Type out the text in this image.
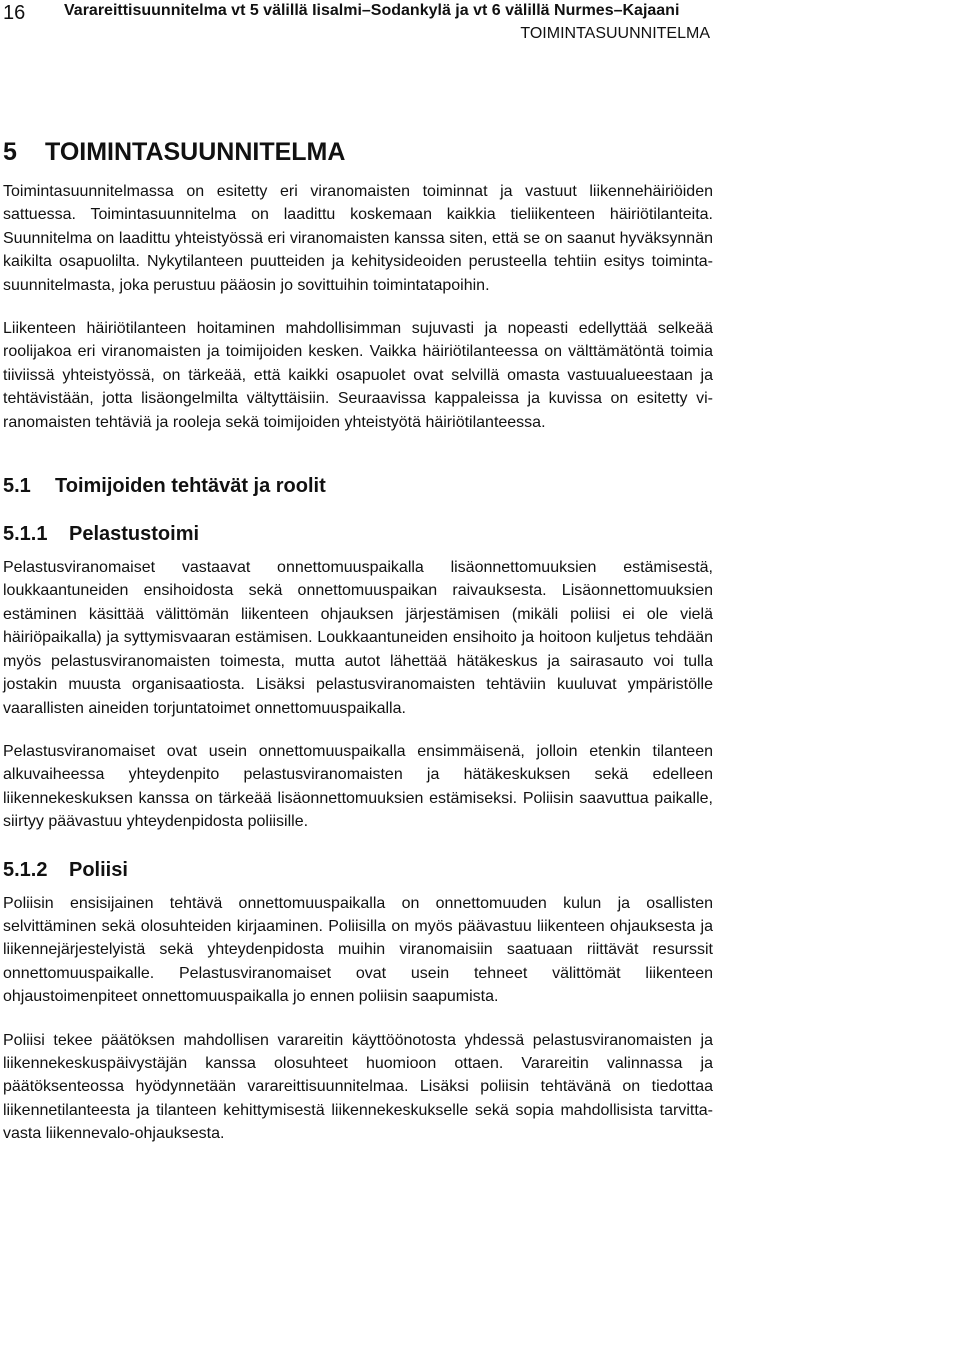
16 Varareittisuunnitelma vt 5 välillä Iisalmi–Sodankylä ja vt 6 välillä Nurmes–Kajaani
TOIMINTASUUNNITELMA
5 TOIMINTASUUNNITELMA

Toimintasuunnitelmassa on esitetty eri viranomaisten toiminnat ja vastuut liikennehäiriöiden sattuessa. Toimintasuunnitelma on laadittu koskemaan kaikkia tieliikenteen häiriötilanteita. Suunnitelma on laadittu yhteistyössä eri viranomaisten kanssa siten, että se on saanut hyväksynnän kaikilta osapuolilta. Nykytilanteen puutteiden ja kehitysideoiden perusteella tehtiin esitys toimintasuunnitelmasta, joka perustuu pääosin jo sovittuihin toimintatapoihin.

Liikenteen häiriötilanteen hoitaminen mahdollisimman sujuvasti ja nopeasti edellyttää selkeää roolijakoa eri viranomaisten ja toimijoiden kesken. Vaikka häiriötilanteessa on välttämätöntä toimia tiiviissä yhteistyössä, on tärkeää, että kaikki osapuolet ovat selvillä omasta vastuualueestaan ja tehtävistään, jotta lisäongelmilta vältyttäisiin. Seuraavissa kappaleissa ja kuvissa on esitetty viranomaisten tehtäviä ja rooleja sekä toimijoiden yhteistyötä häiriötilanteessa.

5.1 Toimijoiden tehtävät ja roolit
5.1.1 Pelastustoimi

Pelastusviranomaiset vastaavat onnettomuuspaikalla lisäonnettomuuksien estämisestä, loukkaantuneiden ensihoidosta sekä onnettomuuspaikan raivauksesta. Lisäonnettomuuksien estäminen käsittää välittömän liikenteen ohjauksen järjestämisen (mikäli poliisi ei ole vielä häiriöpaikalla) ja syttymisvaaran estämisen. Loukkaantuneiden ensihoito ja hoitoon kuljetus tehdään myös pelastusviranomaisten toimesta, mutta autot lähettää hätäkeskus ja sairasauto voi tulla jostakin muusta organisaatiosta. Lisäksi pelastusviranomaisten tehtäviin kuuluvat ympäristölle vaarallisten aineiden torjuntatoimet onnettomuuspaikalla.

Pelastusviranomaiset ovat usein onnettomuuspaikalla ensimmäisenä, jolloin etenkin tilanteen alkuvaiheessa yhteydenpito pelastusviranomaisten ja hätäkeskuksen sekä edelleen liikennekeskuksen kanssa on tärkeää lisäonnettomuuksien estämiseksi. Poliisin saavuttua paikalle, siirtyy päävastuu yhteydenpidosta poliisille.

5.1.2 Poliisi

Poliisin ensisijainen tehtävä onnettomuuspaikalla on onnettomuuden kulun ja osallisten selvittäminen sekä olosuhteiden kirjaaminen. Poliisilla on myös päävastuu liikenteen ohjauksesta ja liikennejärjestelyistä sekä yhteydenpidosta muihin viranomaisiin saatuaan riittävät resurssit onnettomuuspaikalle. Pelastusviranomaiset ovat usein tehneet välittömät liikenteen ohjaustoimenpiteet onnettomuuspaikalla jo ennen poliisin saapumista.

Poliisi tekee päätöksen mahdollisen varareitin käyttöönotosta yhdessä pelastusviranomaisten ja liikennekeskuspäivystäjän kanssa olosuhteet huomioon ottaen. Varareitin valinnassa ja päätöksenteossa hyödynnetään varareittisuunnitelmaa. Lisäksi poliisin tehtävänä on tiedottaa liikennetilanteesta ja tilanteen kehittymisestä liikennekeskukselle sekä sopia mahdollisista tarvittavasta liikennevalo-ohjauksesta.
